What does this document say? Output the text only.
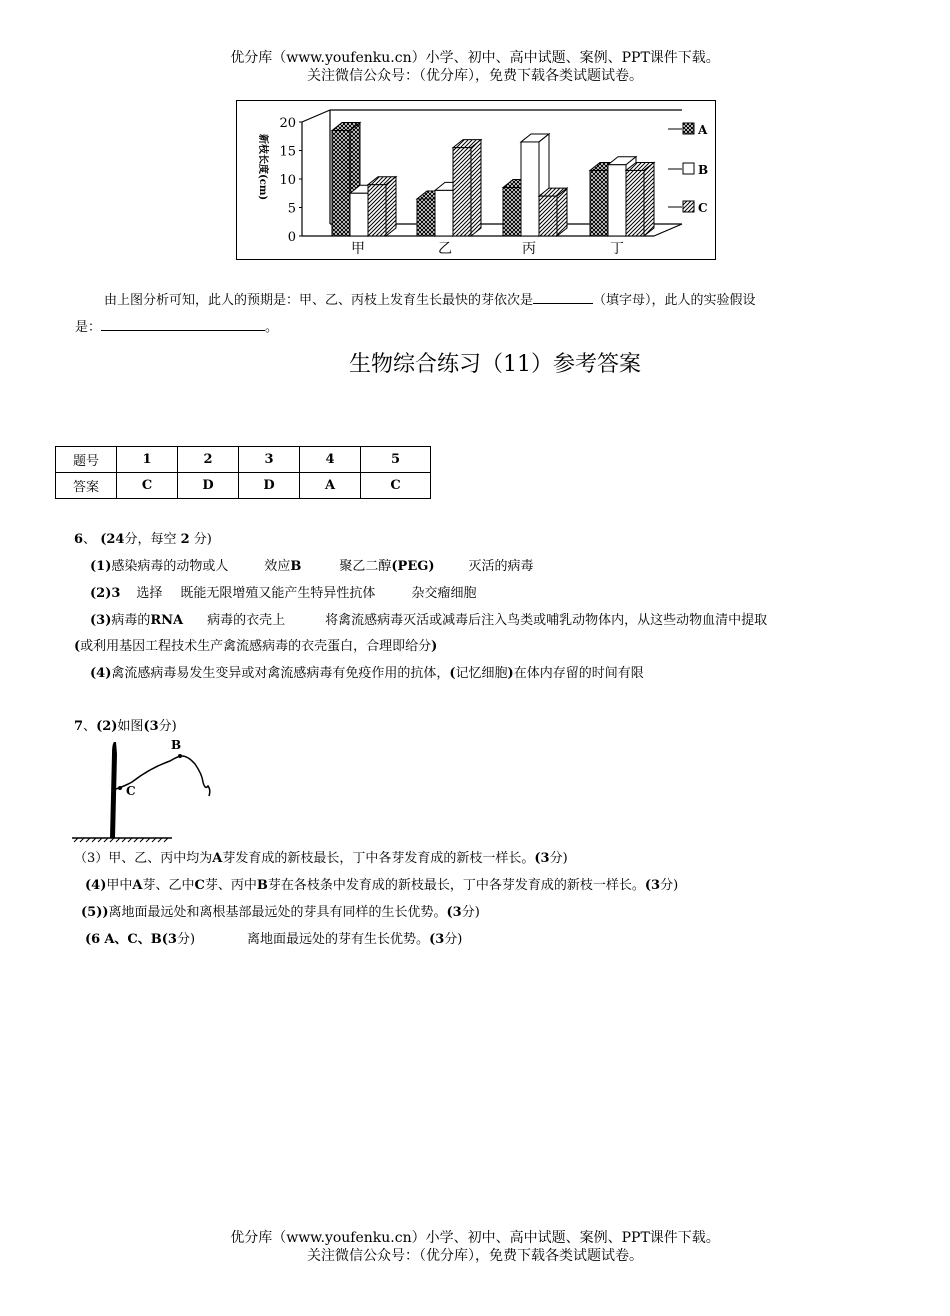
优分库（www.youfenku.cn）小学、初中、高中试题、案例、PPT课件下载。
关注微信公众号：（优分库），免费下载各类试题试卷。
20
15
10
5
0
甲	乙	丙	丁
A
B
C
新枝长度(cm)
由上图分析可知，此人的预期是：甲、乙、丙枝上发育生长最快的芽依次是	（填字母），此人的实验假设
是：	。
生物综合练习（11）参考答案
题号	1	2	3	4	5
答案	C	D	D	A	C
6、 (24分，每空 2 分)
(1)感染病毒的动物或人	效应B	聚乙二醇(PEG)	灭活的病毒
(2)3 选择 既能无限增殖又能产生特异性抗体	杂交瘤细胞
(3)病毒的RNA 病毒的衣壳上	将禽流感病毒灭活或减毒后注入鸟类或哺乳动物体内，从这些动物血清中提取
(或利用基因工程技术生产禽流感病毒的衣壳蛋白，合理即给分)
(4)禽流感病毒易发生变异或对禽流感病毒有免疫作用的抗体，(记忆细胞)在体内存留的时间有限
7、(2)如图(3分)
B
C
（3）甲、乙、丙中均为A芽发育成的新枝最长，丁中各芽发育成的新枝一样长。(3分)
(4)甲中A芽、乙中C芽、丙中B芽在各枝条中发育成的新枝最长，丁中各芽发育成的新枝一样长。(3分)
(5))离地面最远处和离根基部最远处的芽具有同样的生长优势。(3分)
(6 A、C、B(3分)	离地面最远处的芽有生长优势。(3分)
优分库（www.youfenku.cn）小学、初中、高中试题、案例、PPT课件下载。
关注微信公众号：（优分库），免费下载各类试题试卷。
